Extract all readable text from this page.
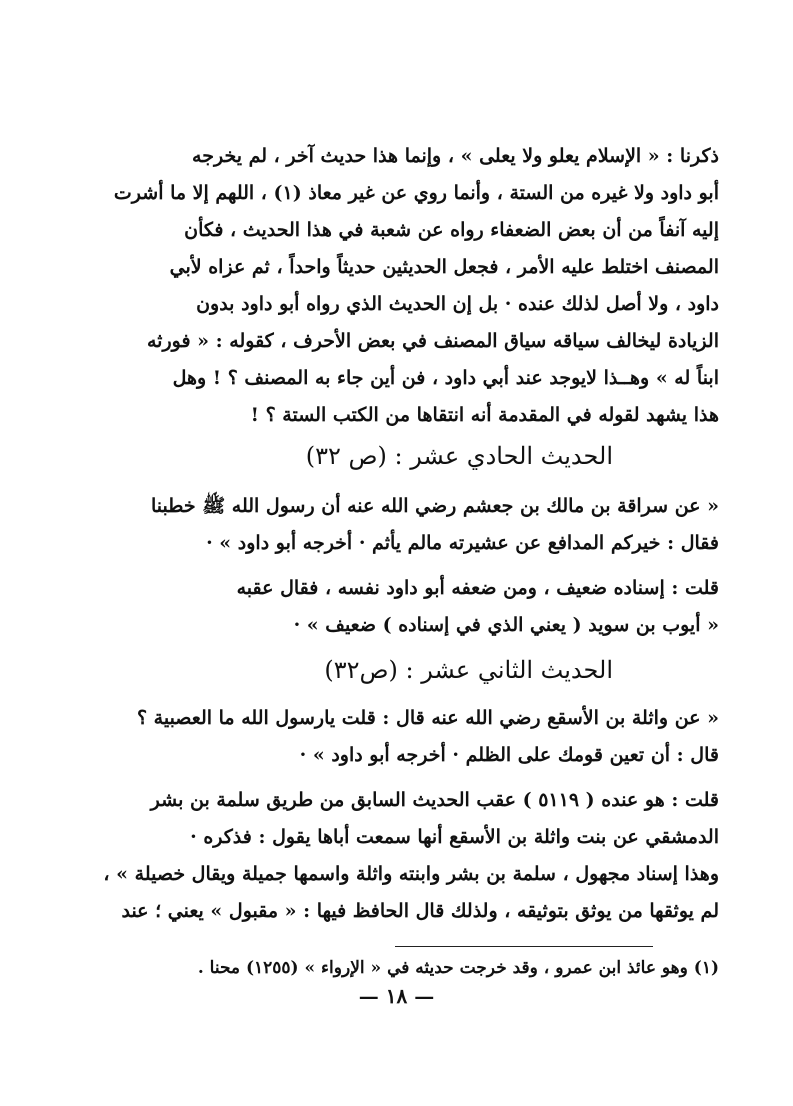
ذكرنا : « الإسلام يعلو ولا يعلى » ، وإنما هذا حديث آخر ، لم يخرجه
أبو داود ولا غيره من الستة ، وأنما روي عن غير معاذ (١) ، اللهم إلا ما أشرت
إليه آنفاً من أن بعض الضعفاء رواه عن شعبة في هذا الحديث ، فكأن
المصنف اختلط عليه الأمر ، فجعل الحديثين حديثاً واحداً ، ثم عزاه لأبي
داود ، ولا أصل لذلك عنده · بل إن الحديث الذي رواه أبو داود بدون
الزيادة ليخالف سياقه سياق المصنف في بعض الأحرف ، كقوله : « فورثه
ابناً له » وهــذا لايوجد عند أبي داود ، فن أين جاء به المصنف ؟ ! وهل
هذا يشهد لقوله في المقدمة أنه انتقاها من الكتب الستة ؟ !
الحديث الحادي عشر : (ص ٣٢)
« عن سراقة بن مالك بن جعشم رضي الله عنه أن رسول الله ﷺ خطبنا
فقال : خيركم المدافع عن عشيرته مالم يأثم · أخرجه أبو داود » ·
قلت : إسناده ضعيف ، ومن ضعفه أبو داود نفسه ، فقال عقبه
« أيوب بن سويد ( يعني الذي في إسناده ) ضعيف » ·
الحديث الثاني عشر : (ص٣٢)
« عن واثلة بن الأسقع رضي الله عنه قال : قلت يارسول الله ما العصبية ؟
قال : أن تعين قومك على الظلم · أخرجه أبو داود » ·
قلت : هو عنده ( ٥١١٩ ) عقب الحديث السابق من طريق سلمة بن بشر
الدمشقي عن بنت واثلة بن الأسقع أنها سمعت أباها يقول : فذكره ·
وهذا إسناد مجهول ، سلمة بن بشر وابنته واثلة واسمها جميلة ويقال خصيلة » ،
لم يوثقها من يوثق بتوثيقه ، ولذلك قال الحافظ فيها : « مقبول » يعني ؛ عند
(١) وهو عائذ ابن عمرو ، وقد خرجت حديثه في « الإرواء » (١٢٥٥) محنا .
— ١٨ —
